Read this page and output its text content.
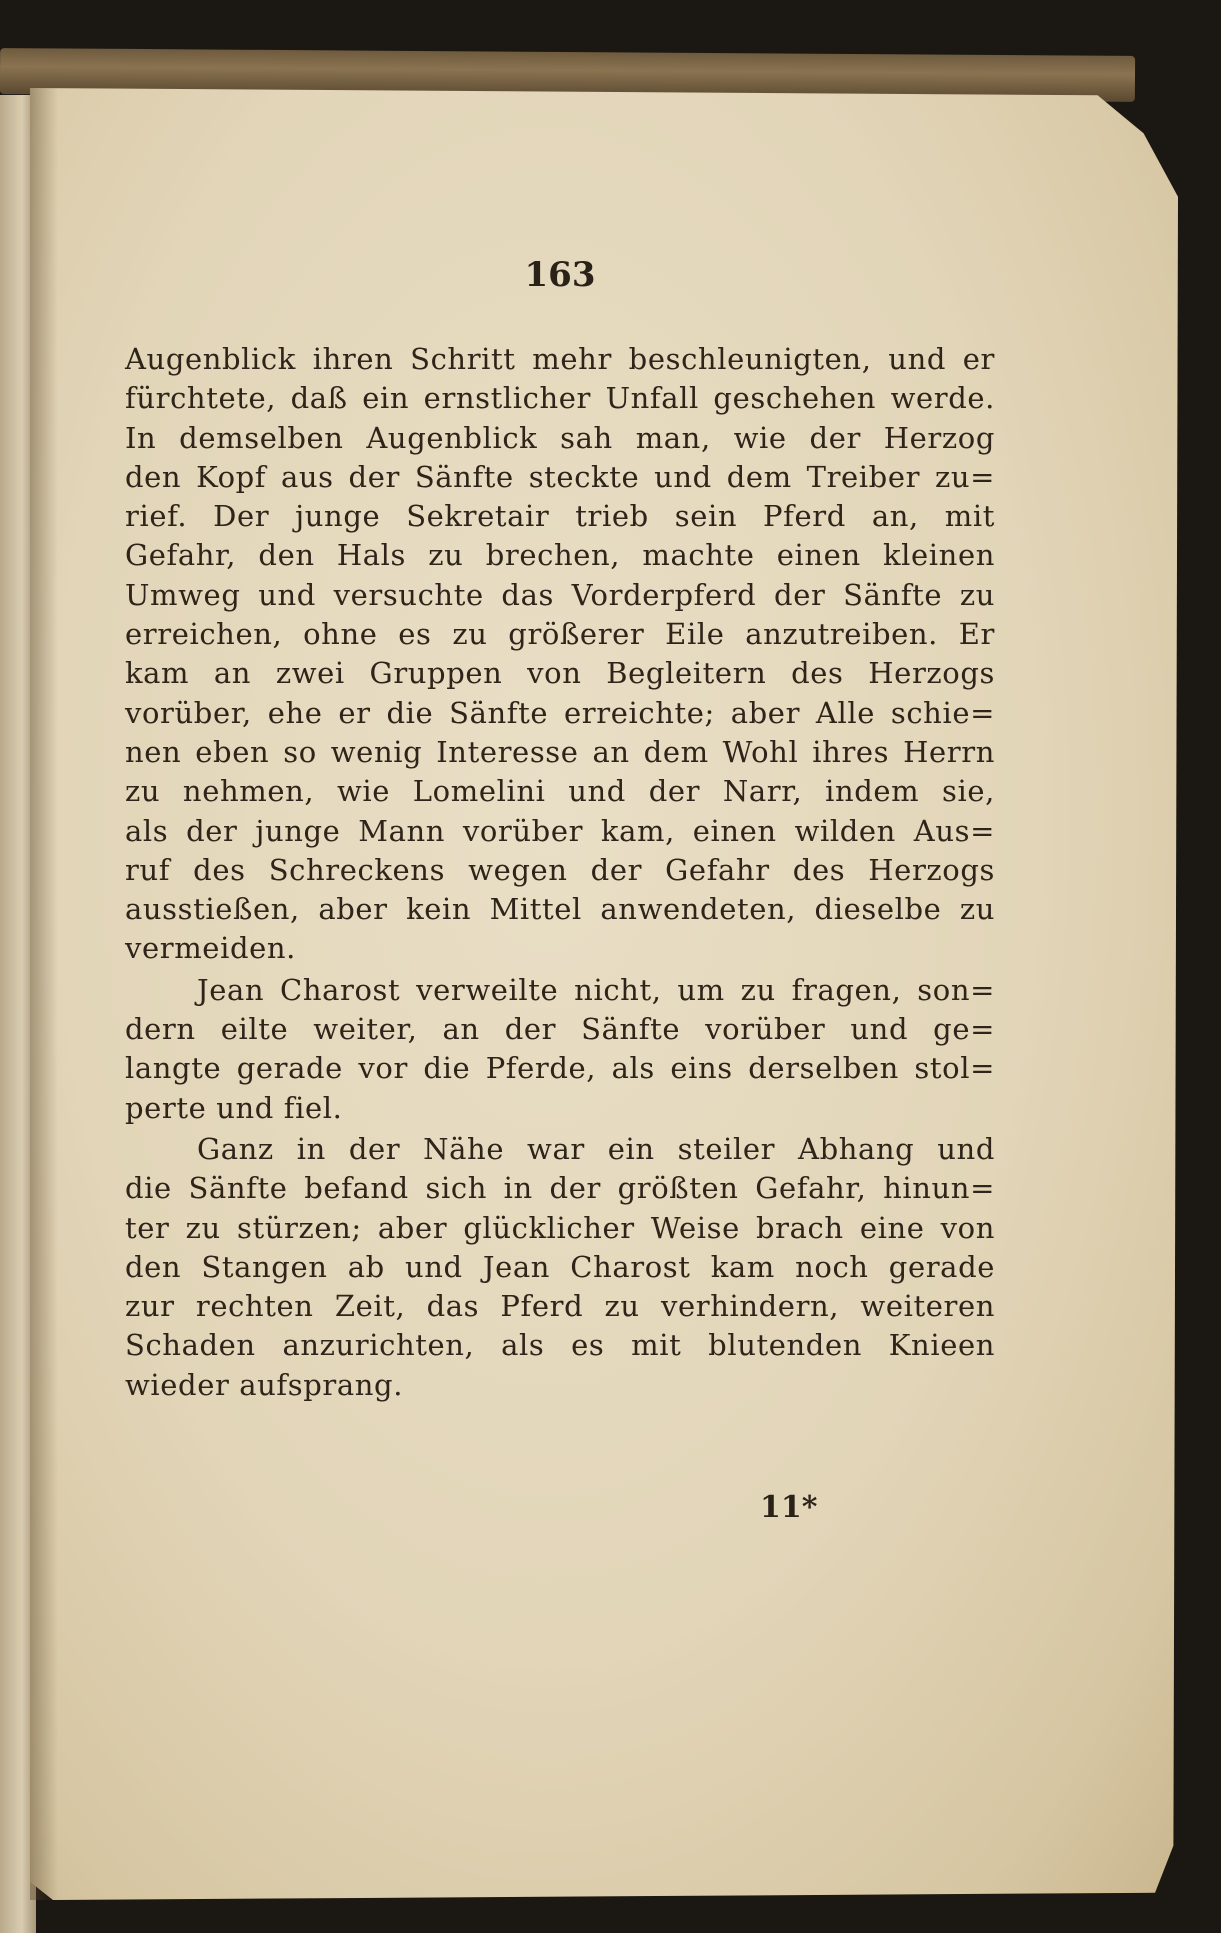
163
Augenblick ihren Schritt mehr beschleunigten, und er
fürchtete, daß ein ernstlicher Unfall geschehen werde.
In demselben Augenblick sah man, wie der Herzog
den Kopf aus der Sänfte steckte und dem Treiber zu=
rief. Der junge Sekretair trieb sein Pferd an, mit
Gefahr, den Hals zu brechen, machte einen kleinen
Umweg und versuchte das Vorderpferd der Sänfte zu
erreichen, ohne es zu größerer Eile anzutreiben. Er
kam an zwei Gruppen von Begleitern des Herzogs
vorüber, ehe er die Sänfte erreichte; aber Alle schie=
nen eben so wenig Interesse an dem Wohl ihres Herrn
zu nehmen, wie Lomelini und der Narr, indem sie,
als der junge Mann vorüber kam, einen wilden Aus=
ruf des Schreckens wegen der Gefahr des Herzogs
ausstießen, aber kein Mittel anwendeten, dieselbe zu
vermeiden.
Jean Charost verweilte nicht, um zu fragen, son=
dern eilte weiter, an der Sänfte vorüber und ge=
langte gerade vor die Pferde, als eins derselben stol=
perte und fiel.
Ganz in der Nähe war ein steiler Abhang und
die Sänfte befand sich in der größten Gefahr, hinun=
ter zu stürzen; aber glücklicher Weise brach eine von
den Stangen ab und Jean Charost kam noch gerade
zur rechten Zeit, das Pferd zu verhindern, weiteren
Schaden anzurichten, als es mit blutenden Knieen
wieder aufsprang.
11*
